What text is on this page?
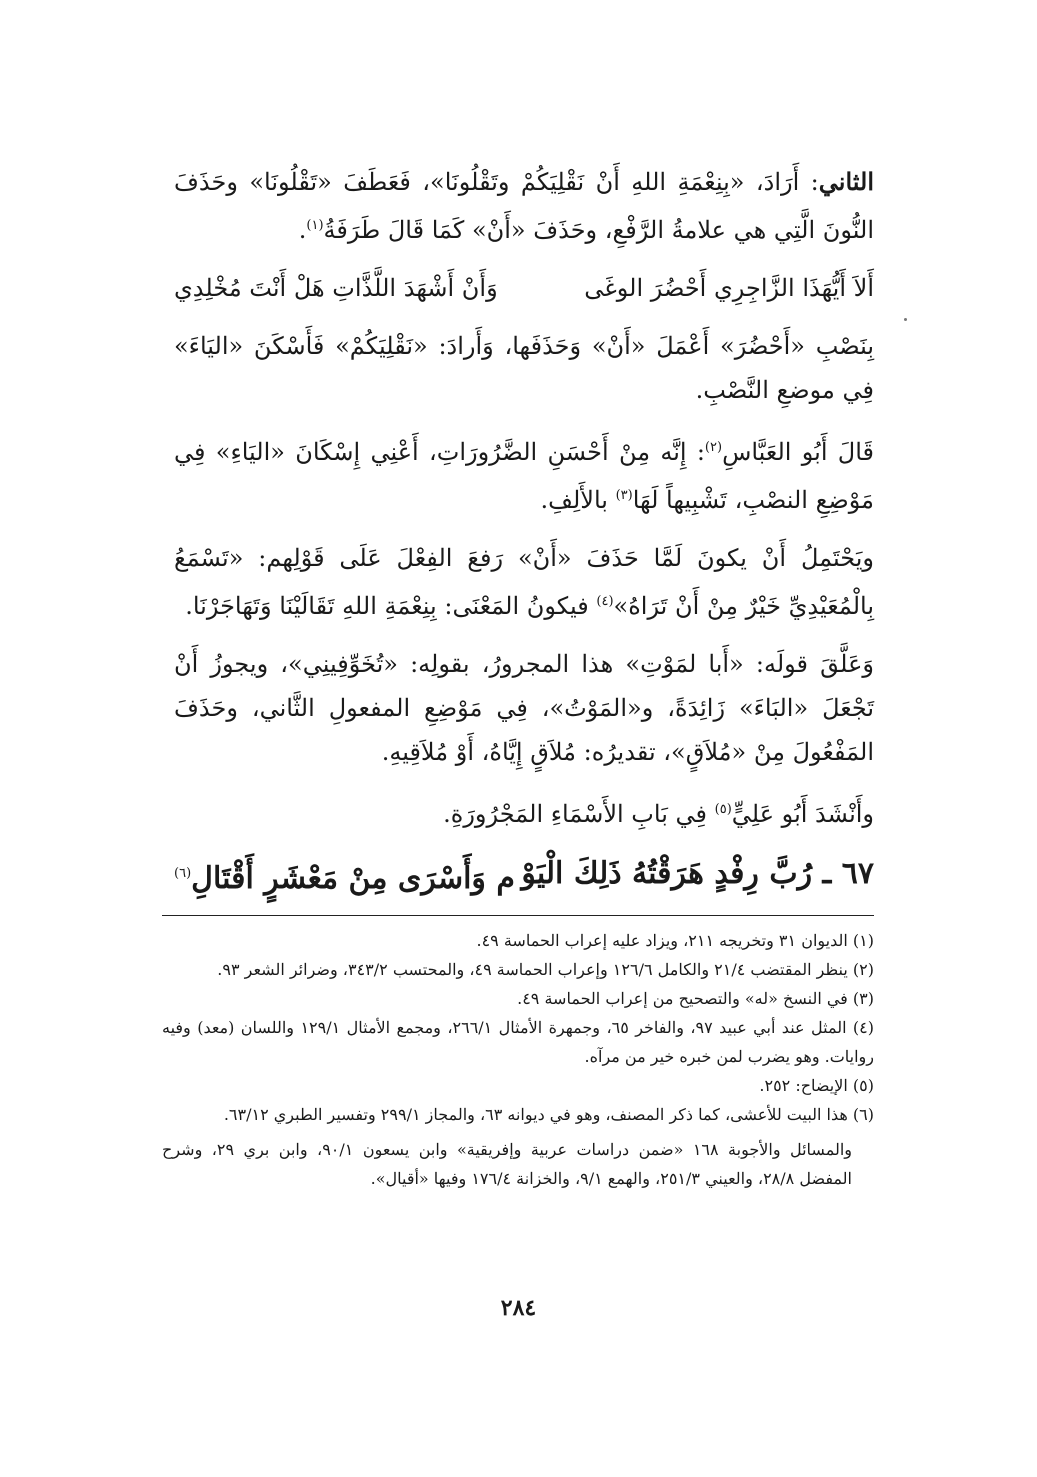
الثاني: أَرَادَ، «بِنِعْمَةِ اللهِ أَنْ نَقْلِيَكُمْ وتَقْلُونَا»، فَعَطَفَ «تَقْلُونَا» وحَذَفَ النُّونَ الَّتِي هي علامةُ الرَّفْعِ، وحَذَفَ «أَنْ» كَمَا قَالَ طَرَفَةُ$^{(١)}$.

أَلاَ أَيُّهَذَا الزَّاجِرِي أَحْضُرَ الوغَى
وَأَنْ أَشْهَدَ اللَّذَّاتِ هَلْ أَنْتَ مُخْلِدِي

بِنَصْبِ «أَحْضُرَ» أَعْمَلَ «أَنْ» وَحَذَفَها، وَأَرادَ: «نَقْلِيَكُمْ» فَأَسْكَنَ «اليَاءَ» فِي موضعِ النَّصْبِ.

قَالَ أَبُو العَبَّاسِ$^{(٢)}$: إِنَّه مِنْ أَحْسَنِ الضَّرُورَاتِ، أَعْنِي إِسْكَانَ «اليَاءِ» فِي مَوْضِعِ النصْبِ، تَشْبِيهاً لَهَا$^{(٣)}$ بالأَلِفِ.

ويَحْتَمِلُ أَنْ يكونَ لَمَّا حَذَفَ «أَنْ» رَفعَ الفِعْلَ عَلَى قَوْلِهم: «تَسْمَعُ بِالْمُعَيْدِيِّ خَيْرٌ مِنْ أَنْ تَرَاهُ»$^{(٤)}$ فيكونُ المَعْنَى: بِنِعْمَةِ اللهِ تَقَالَيْنَا وَتَهَاجَرْنَا.

وَعَلَّقَ قولَه: «أَبا لمَوْتِ» هذا المجرورُ، بقولِه: «تُخَوِّفِينِي»، ويجوزُ أَنْ تَجْعَلَ «البَاءَ» زَائِدَةً، و«المَوْتُ»، فِي مَوْضِعِ المفعولِ الثَّاني، وحَذَفَ المَفْعُولَ مِنْ «مُلاَقٍ»، تقديرُه: مُلاَقٍ إِيَّاهُ، أَوْ مُلاَقِيهِ.

وأَنْشَدَ أَبُو عَلِيٍّ$^{(٥)}$ فِي بَابِ الأَسْمَاءِ المَجْرُورَةِ.

٦٧ ـ رُبَّ رِفْدٍ هَرَقْتُهُ ذَلِكَ الْيَوْ
م وَأَسْرَى مِنْ مَعْشَرٍ أَقْتَالِ$^{(٦)}$

(١) الديوان ٣١ وتخريجه ٢١١، ويزاد عليه إعراب الحماسة ٤٩.

(٢) ينظر المقتضب ٢١/٤ والكامل ١٢٦/٦ وإعراب الحماسة ٤٩، والمحتسب ٣٤٣/٢، وضرائر الشعر ٩٣.

(٣) في النسخ «له» والتصحيح من إعراب الحماسة ٤٩.

(٤) المثل عند أبي عبيد ٩٧، والفاخر ٦٥، وجمهرة الأمثال ٢٦٦/١، ومجمع الأمثال ١٢٩/١ واللسان (معد) وفيه روايات. وهو يضرب لمن خبره خير من مرآه.

(٥) الإيضاح: ٢٥٢.

(٦) هذا البيت للأعشى، كما ذكر المصنف، وهو في ديوانه ٦٣، والمجاز ٢٩٩/١ وتفسير الطبري ٦٣/١٢.

والمسائل والأجوبة ١٦٨ «ضمن دراسات عربية وإفريقية» وابن يسعون ٩٠/١، وابن بري ٢٩، وشرح المفضل ٢٨/٨، والعيني ٢٥١/٣، والهمع ٩/١، والخزانة ١٧٦/٤ وفيها «أقيال».

٢٨٤
